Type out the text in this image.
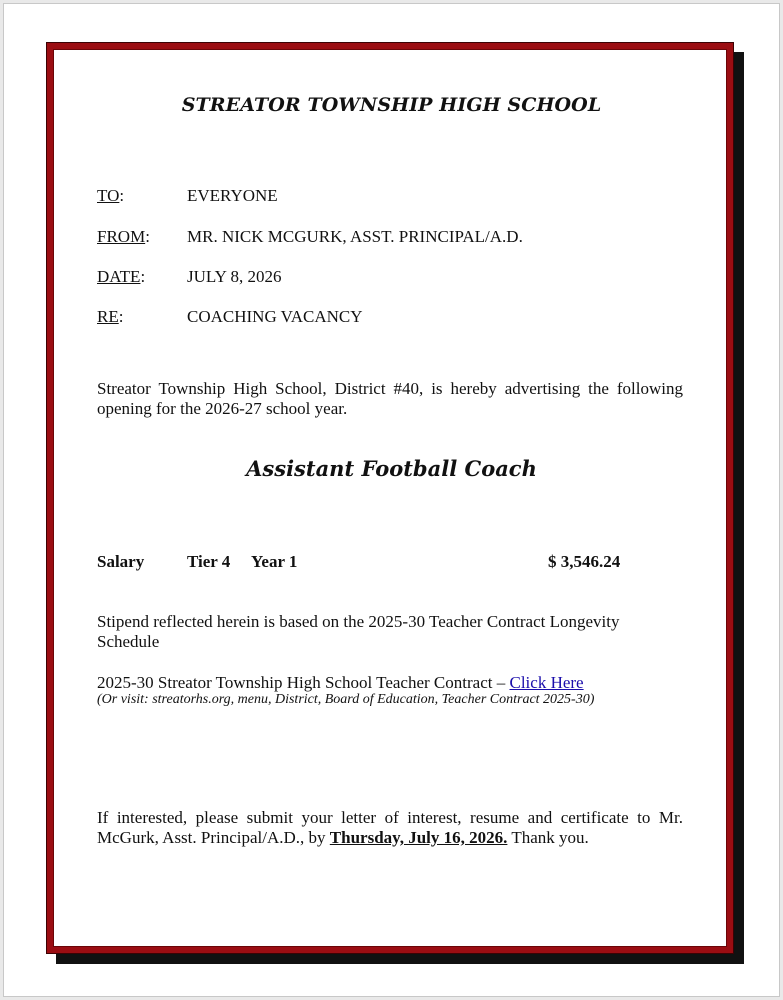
STREATOR TOWNSHIP HIGH SCHOOL
TO:	EVERYONE
FROM: MR. NICK MCGURK, ASST. PRINCIPAL/A.D.
DATE: JULY 8, 2026
RE:	COACHING VACANCY

Streator Township High School, District #40, is hereby advertising the following opening for the 2026-27 school year.

Assistant Football Coach
Salary	Tier 4 Year 1	$ 3,546.24

Stipend reflected herein is based on the 2025-30 Teacher Contract Longevity Schedule

2025-30 Streator Township High School Teacher Contract – Click Here

(Or visit: streatorhs.org, menu, District, Board of Education, Teacher Contract 2025-30)

If interested, please submit your letter of interest, resume and certificate to Mr. McGurk, Asst. Principal/A.D., by Thursday, July 16, 2026. Thank you.
